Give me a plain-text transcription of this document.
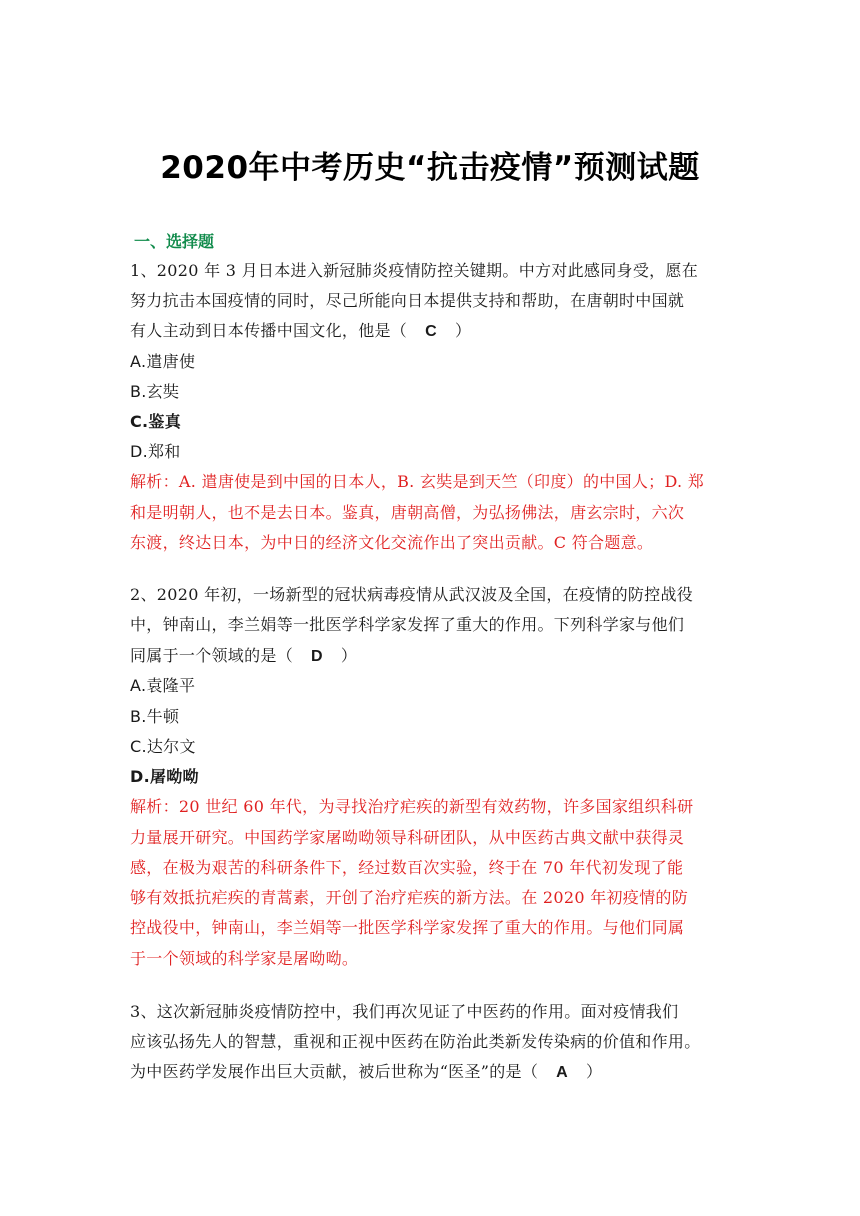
2020年中考历史“抗击疫情”预测试题
一、选择题
1、2020 年 3 月日本进入新冠肺炎疫情防控关键期。中方对此感同身受，愿在
努力抗击本国疫情的同时，尽己所能向日本提供支持和帮助，在唐朝时中国就
有人主动到日本传播中国文化，他是（ C ）
A.遣唐使
B.玄奘
C.鉴真
D.郑和
解析：A. 遣唐使是到中国的日本人，B. 玄奘是到天竺（印度）的中国人；D. 郑
和是明朝人，也不是去日本。鉴真，唐朝高僧，为弘扬佛法，唐玄宗时，六次
东渡，终达日本，为中日的经济文化交流作出了突出贡献。C 符合题意。
2、2020 年初，一场新型的冠状病毒疫情从武汉波及全国，在疫情的防控战役
中，钟南山，李兰娟等一批医学科学家发挥了重大的作用。下列科学家与他们
同属于一个领域的是（ D ）
A.袁隆平
B.牛顿
C.达尔文
D.屠呦呦
解析：20 世纪 60 年代，为寻找治疗疟疾的新型有效药物，许多国家组织科研
力量展开研究。中国药学家屠呦呦领导科研团队，从中医药古典文献中获得灵
感，在极为艰苦的科研条件下，经过数百次实验，终于在 70 年代初发现了能
够有效抵抗疟疾的青蒿素，开创了治疗疟疾的新方法。在 2020 年初疫情的防
控战役中，钟南山，李兰娟等一批医学科学家发挥了重大的作用。与他们同属
于一个领域的科学家是屠呦呦。
3、这次新冠肺炎疫情防控中，我们再次见证了中医药的作用。面对疫情我们
应该弘扬先人的智慧，重视和正视中医药在防治此类新发传染病的价值和作用。
为中医药学发展作出巨大贡献，被后世称为“医圣”的是（ A ）
